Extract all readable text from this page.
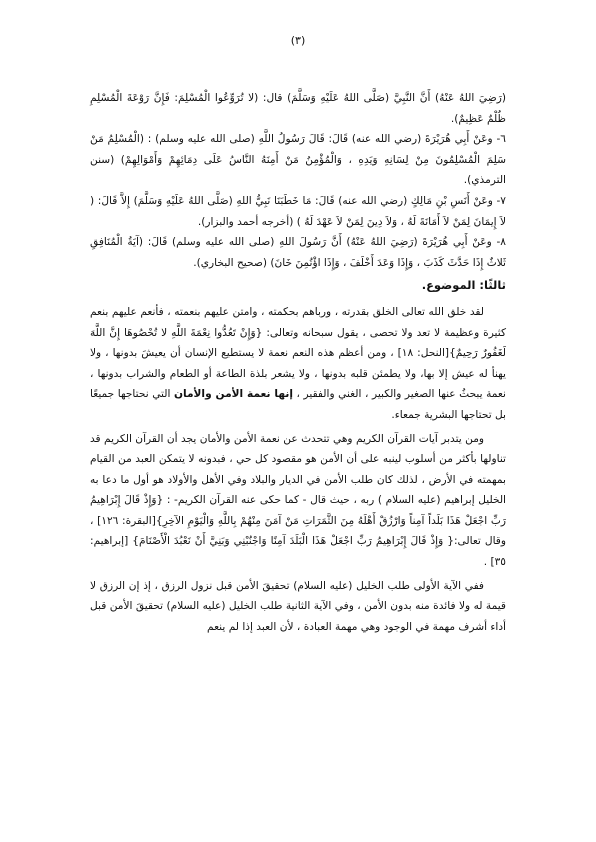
(٣)

(رَضِيَ اللهُ عَنْهُ) أَنَّ النَّبِيَّ (صَلَّى اللهُ عَلَيْهِ وَسَلَّمَ) قال: (لا تُرَوِّعُوا الْمُسْلِمَ: فَإِنَّ رَوْعَةَ الْمُسْلِمِ ظُلْمٌ عَظِيمٌ).

٦- وعَنْ أَبِي هُرَيْرَةَ (رضي الله عنه) قَالَ: قَالَ رَسُولُ اللَّهِ (صلى الله عليه وسلم) : (الْمُسْلِمُ مَنْ سَلِمَ الْمُسْلِمُونَ مِنْ لِسَانِهِ وَيَدِهِ ، وَالْمُؤْمِنُ مَنْ أَمِنَهُ النَّاسُ عَلَى دِمَائِهِمْ وَأَمْوَالِهِمْ) (سنن الترمذي).

٧- وعَنْ أَنَسِ بْنِ مَالِكٍ (رضي الله عنه) قَالَ: مَا خَطَبَنَا نَبِيُّ اللهِ (صَلَّى اللهُ عَلَيْهِ وَسَلَّمَ) إِلاَّ قَالَ: ( لاَ إِيمَانَ لِمَنْ لاَ أَمَانَةَ لَهُ ، وَلاَ دِينَ لِمَنْ لاَ عَهْدَ لَهُ ) (أخرجه أحمد والبزار).

٨- وعَنْ أَبِي هُرَيْرَةَ (رَضِيَ اللهُ عَنْهُ) أَنَّ رَسُولَ اللهِ (صلى الله عليه وسلم) قَالَ: (آيَةُ الْمُنَافِقِ ثَلاثٌ إِذَا حَدَّثَ كَذَبَ ، وَإِذَا وَعَدَ أَخْلَفَ ، وَإِذَا اؤْتُمِنَ خَانَ) (صحيح البخاري).

ثالثًا: الموضوع.

لقد خلق الله تعالى الخلق بقدرته ، ورباهم بحكمته ، وامتن عليهم بنعمته ، فأنعم عليهم بنعم كثيرة وعظيمة لا تعد ولا تحصى ، يقول سبحانه وتعالى: {وَإِنْ تَعُدُّوا نِعْمَةَ اللَّهِ لا تُحْصُوهَا إِنَّ اللَّهَ لَغَفُورٌ رَحِيمٌ}[النحل: ١٨] ، ومن أعظم هذه النعم نعمة لا يستطيع الإنسان أن يعيشَ بدونها ، ولا يهنأ له عيش إلا بها، ولا يطمئن قلبه بدونها ، ولا يشعر بلذة الطاعة أو الطعام والشراب بدونها ، نعمة يبحثُ عنها الصغير والكبير ، الغني والفقير ، إنها نعمة الأمن والأمان التي نحتاجها جميعًا بل تحتاجها البشرية جمعاء.

ومن يتدبر آيات القرآن الكريم وهي تتحدث عن نعمة الأمن والأمان يجد أن القرآن الكريم قد تناولها بأكثر من أسلوب لينبه على أن الأمن هو مقصود كل حي ، فبدونه لا يتمكن العبد من القيام بمهمته في الأرض ، لذلك كان طلب الأمن في الديار والبلاد وفي الأهل والأولاد هو أول ما دعا به الخليل إبراهيم (عليه السلام ) ربه ، حيث قال - كما حكى عنه القرآن الكريم- : {وَإِذْ قَالَ إِبْرَاهِيمُ رَبِّ اجْعَلْ هَذَا بَلَداً آمِناً وَارْزُقْ أَهْلَهُ مِنَ الثَّمَرَاتِ مَنْ آمَنَ مِنْهُمْ بِاللَّهِ وَالْيَوْمِ الآخِرِ}[البقرة: ١٢٦] ، وقال تعالى:{ وَإِذْ قَالَ إِبْرَاهِيمُ رَبِّ اجْعَلْ هَذَا الْبَلَدَ آمِنًا وَاجْنُبْنِي وَبَنِيَّ أَنْ نَعْبُدَ الْأَصْنَامَ} [إبراهيم: ٣٥] .

ففي الآية الأولى طلب الخليل (عليه السلام) تحقيقَ الأمن قبل نزول الرزق ، إذ إن الرزق لا قيمة له ولا فائدة منه بدون الأمن ، وفي الآية الثانية طلب الخليل (عليه السلام) تحقيقَ الأمن قبل أداء أشرف مهمة في الوجود وهي مهمة العبادة ، لأن العبد إذا لم ينعم
